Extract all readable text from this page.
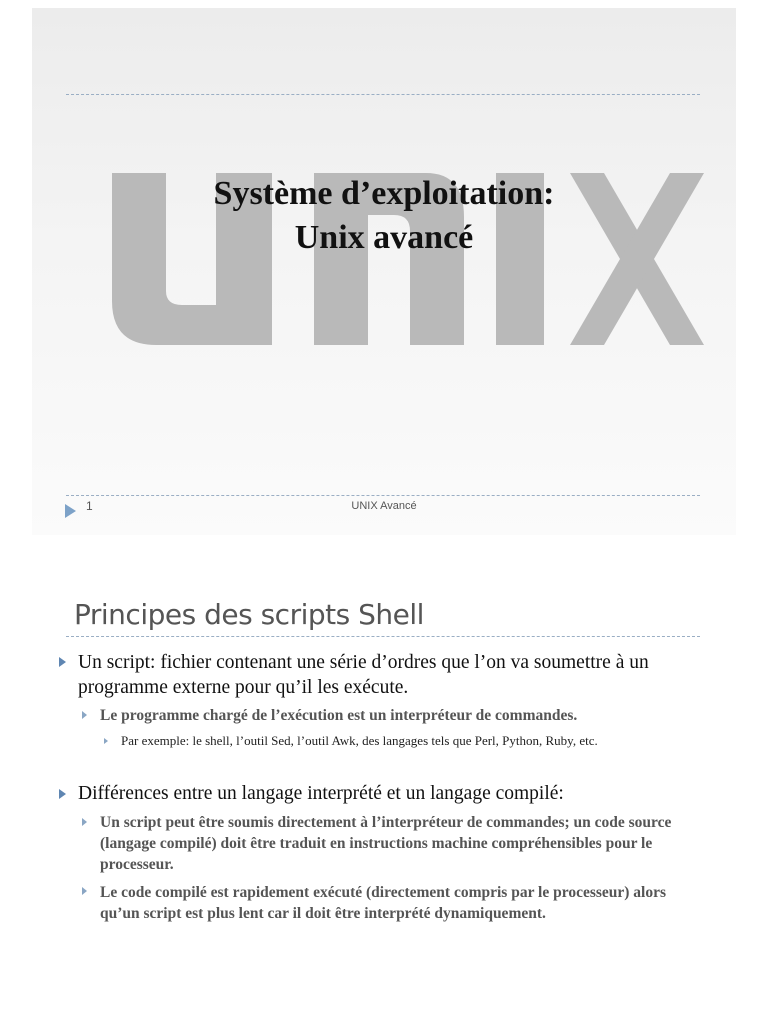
Système d’exploitation:
Unix avancé
1	UNIX Avancé
Principes des scripts Shell
Un script: fichier contenant une série d’ordres que l’on va soumettre à un programme externe pour qu’il les exécute.
Le programme chargé de l’exécution est un interpréteur de commandes.
Par exemple: le shell, l’outil Sed, l’outil Awk, des langages tels que Perl, Python, Ruby, etc.
Différences entre un langage interprété et un langage compilé:
Un script peut être soumis directement à l’interpréteur de commandes; un code source (langage compilé) doit être traduit en instructions machine compréhensibles pour le processeur.
Le code compilé est rapidement exécuté (directement compris par le processeur) alors qu’un script est plus lent car il doit être interprété dynamiquement.
